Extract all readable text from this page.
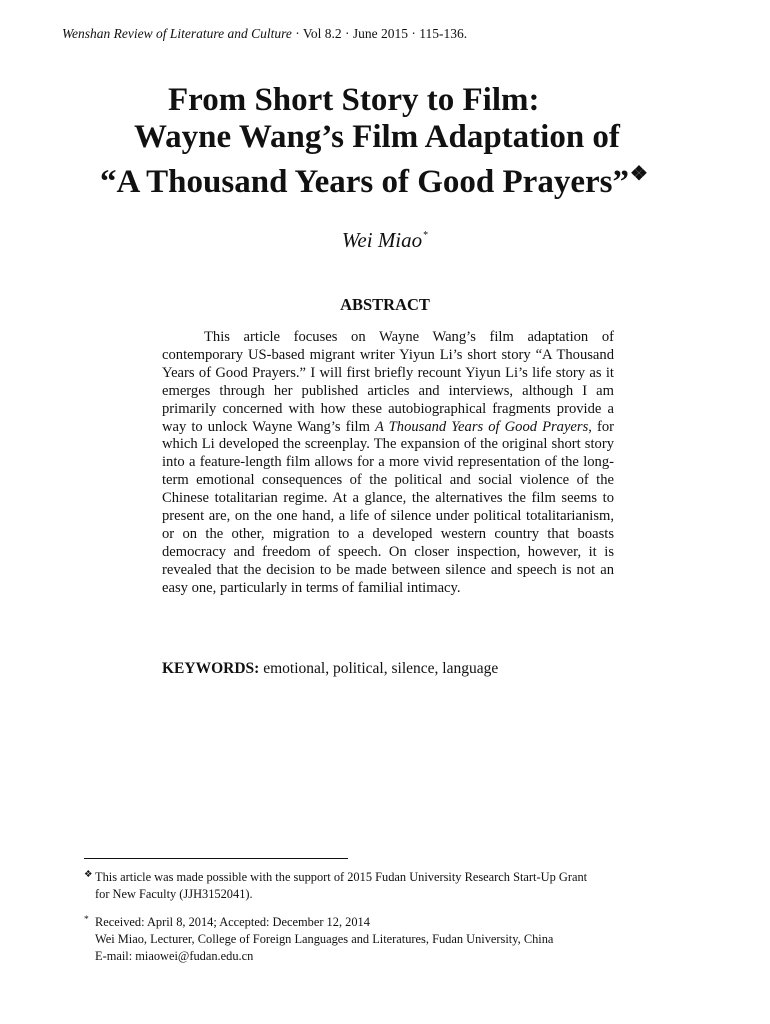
Wenshan Review of Literature and Culture · Vol 8.2 · June 2015 · 115-136.
From Short Story to Film:
Wayne Wang’s Film Adaptation of
“A Thousand Years of Good Prayers”❖
Wei Miao*
ABSTRACT

This article focuses on Wayne Wang’s film adaptation of contemporary US-based migrant writer Yiyun Li’s short story “A Thousand Years of Good Prayers.” I will first briefly recount Yiyun Li’s life story as it emerges through her published articles and interviews, although I am primarily concerned with how these autobiographical fragments provide a way to unlock Wayne Wang’s film A Thousand Years of Good Prayers, for which Li developed the screenplay. The expansion of the original short story into a feature-length film allows for a more vivid representation of the long-term emotional consequences of the political and social violence of the Chinese totalitarian regime. At a glance, the alternatives the film seems to present are, on the one hand, a life of silence under political totalitarianism, or on the other, migration to a developed western country that boasts democracy and freedom of speech. On closer inspection, however, it is revealed that the decision to be made between silence and speech is not an easy one, particularly in terms of familial intimacy.

KEYWORDS: emotional, political, silence, language

❖ This article was made possible with the support of 2015 Fudan University Research Start-Up Grant
for New Faculty (JJH3152041).
* Received: April 8, 2014; Accepted: December 12, 2014
Wei Miao, Lecturer, College of Foreign Languages and Literatures, Fudan University, China
E-mail: miaowei@fudan.edu.cn
